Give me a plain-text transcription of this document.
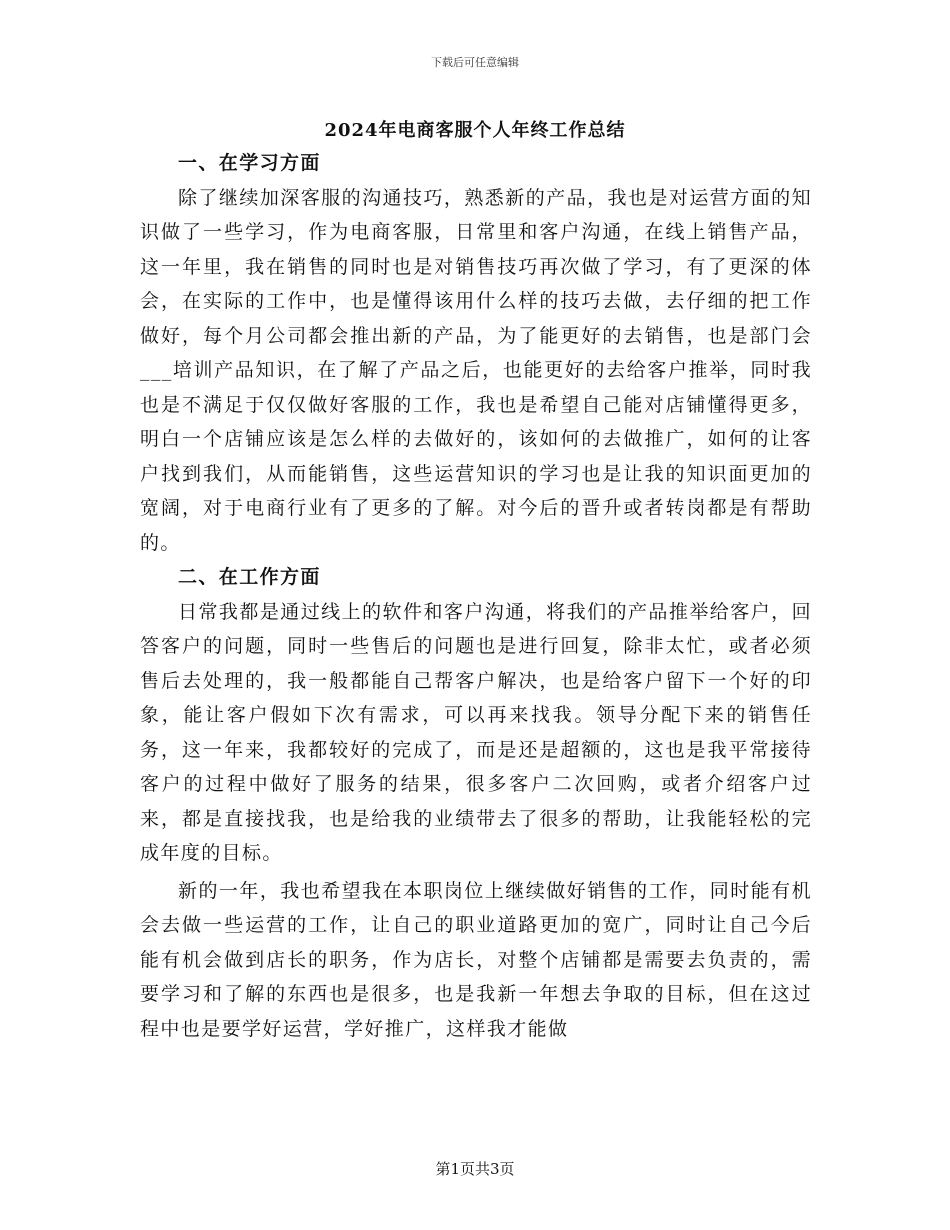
下载后可任意编辑
2024年电商客服个人年终工作总结

一、在学习方面

除了继续加深客服的沟通技巧，熟悉新的产品，我也是对运营方面的知识做了一些学习，作为电商客服，日常里和客户沟通，在线上销售产品，这一年里，我在销售的同时也是对销售技巧再次做了学习，有了更深的体会，在实际的工作中，也是懂得该用什么样的技巧去做，去仔细的把工作做好，每个月公司都会推出新的产品，为了能更好的去销售，也是部门会___培训产品知识，在了解了产品之后，也能更好的去给客户推举，同时我也是不满足于仅仅做好客服的工作，我也是希望自己能对店铺懂得更多，明白一个店铺应该是怎么样的去做好的，该如何的去做推广，如何的让客户找到我们，从而能销售，这些运营知识的学习也是让我的知识面更加的宽阔，对于电商行业有了更多的了解。对今后的晋升或者转岗都是有帮助的。

二、在工作方面

日常我都是通过线上的软件和客户沟通，将我们的产品推举给客户，回答客户的问题，同时一些售后的问题也是进行回复，除非太忙，或者必须售后去处理的，我一般都能自己帮客户解决，也是给客户留下一个好的印象，能让客户假如下次有需求，可以再来找我。领导分配下来的销售任务，这一年来，我都较好的完成了，而是还是超额的，这也是我平常接待客户的过程中做好了服务的结果，很多客户二次回购，或者介绍客户过来，都是直接找我，也是给我的业绩带去了很多的帮助，让我能轻松的完成年度的目标。

新的一年，我也希望我在本职岗位上继续做好销售的工作，同时能有机会去做一些运营的工作，让自己的职业道路更加的宽广，同时让自己今后能有机会做到店长的职务，作为店长，对整个店铺都是需要去负责的，需要学习和了解的东西也是很多，也是我新一年想去争取的目标，但在这过程中也是要学好运营，学好推广，这样我才能做

第1页共3页
